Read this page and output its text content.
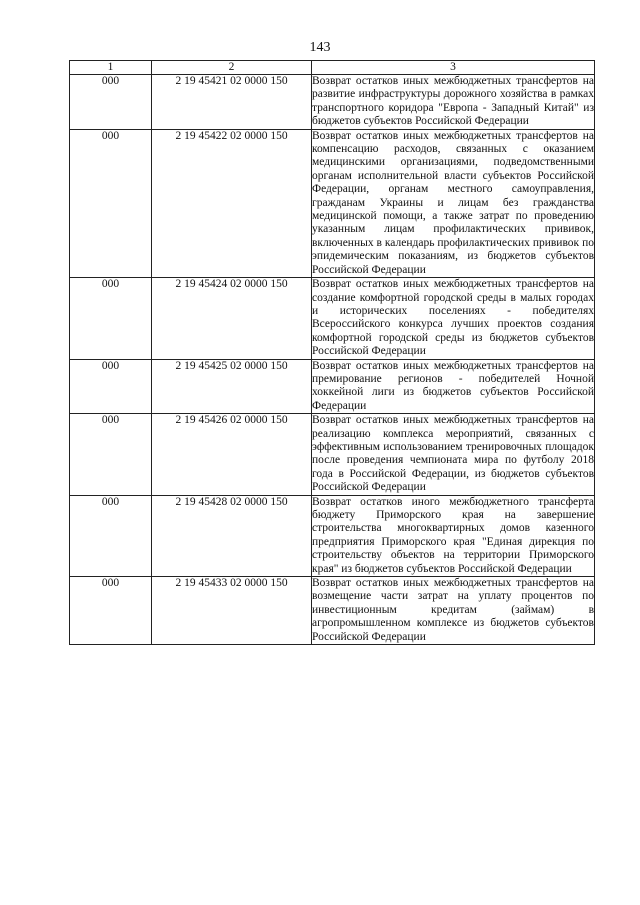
143
1	2	3
000	2 19 45421 02 0000 150	Возврат остатков иных межбюджетных трансфертов на развитие инфраструктуры дорожного хозяйства в рамках транспортного коридора "Европа - Западный Китай" из бюджетов субъектов Российской Федерации
000	2 19 45422 02 0000 150	Возврат остатков иных межбюджетных трансфертов на компенсацию расходов, связанных с оказанием медицинскими организациями, подведомственными органам исполнительной власти субъектов Российской Федерации, органам местного самоуправления, гражданам Украины и лицам без гражданства медицинской помощи, а также затрат по проведению указанным лицам профилактических прививок, включенных в календарь профилактических прививок по эпидемическим показаниям, из бюджетов субъектов Российской Федерации
000	2 19 45424 02 0000 150	Возврат остатков иных межбюджетных трансфертов на создание комфортной городской среды в малых городах и исторических поселениях - победителях Всероссийского конкурса лучших проектов создания комфортной городской среды из бюджетов субъектов Российской Федерации
000	2 19 45425 02 0000 150	Возврат остатков иных межбюджетных трансфертов на премирование регионов - победителей Ночной хоккейной лиги из бюджетов субъектов Российской Федерации
000	2 19 45426 02 0000 150	Возврат остатков иных межбюджетных трансфертов на реализацию комплекса мероприятий, связанных с эффективным использованием тренировочных площадок после проведения чемпионата мира по футболу 2018 года в Российской Федерации, из бюджетов субъектов Российской Федерации
000	2 19 45428 02 0000 150	Возврат остатков иного межбюджетного трансферта бюджету Приморского края на завершение строительства многоквартирных домов казенного предприятия Приморского края "Единая дирекция по строительству объектов на территории Приморского края" из бюджетов субъектов Российской Федерации
000	2 19 45433 02 0000 150	Возврат остатков иных межбюджетных трансфертов на возмещение части затрат на уплату процентов по инвестиционным кредитам (займам) в агропромышленном комплексе из бюджетов субъектов Российской Федерации
